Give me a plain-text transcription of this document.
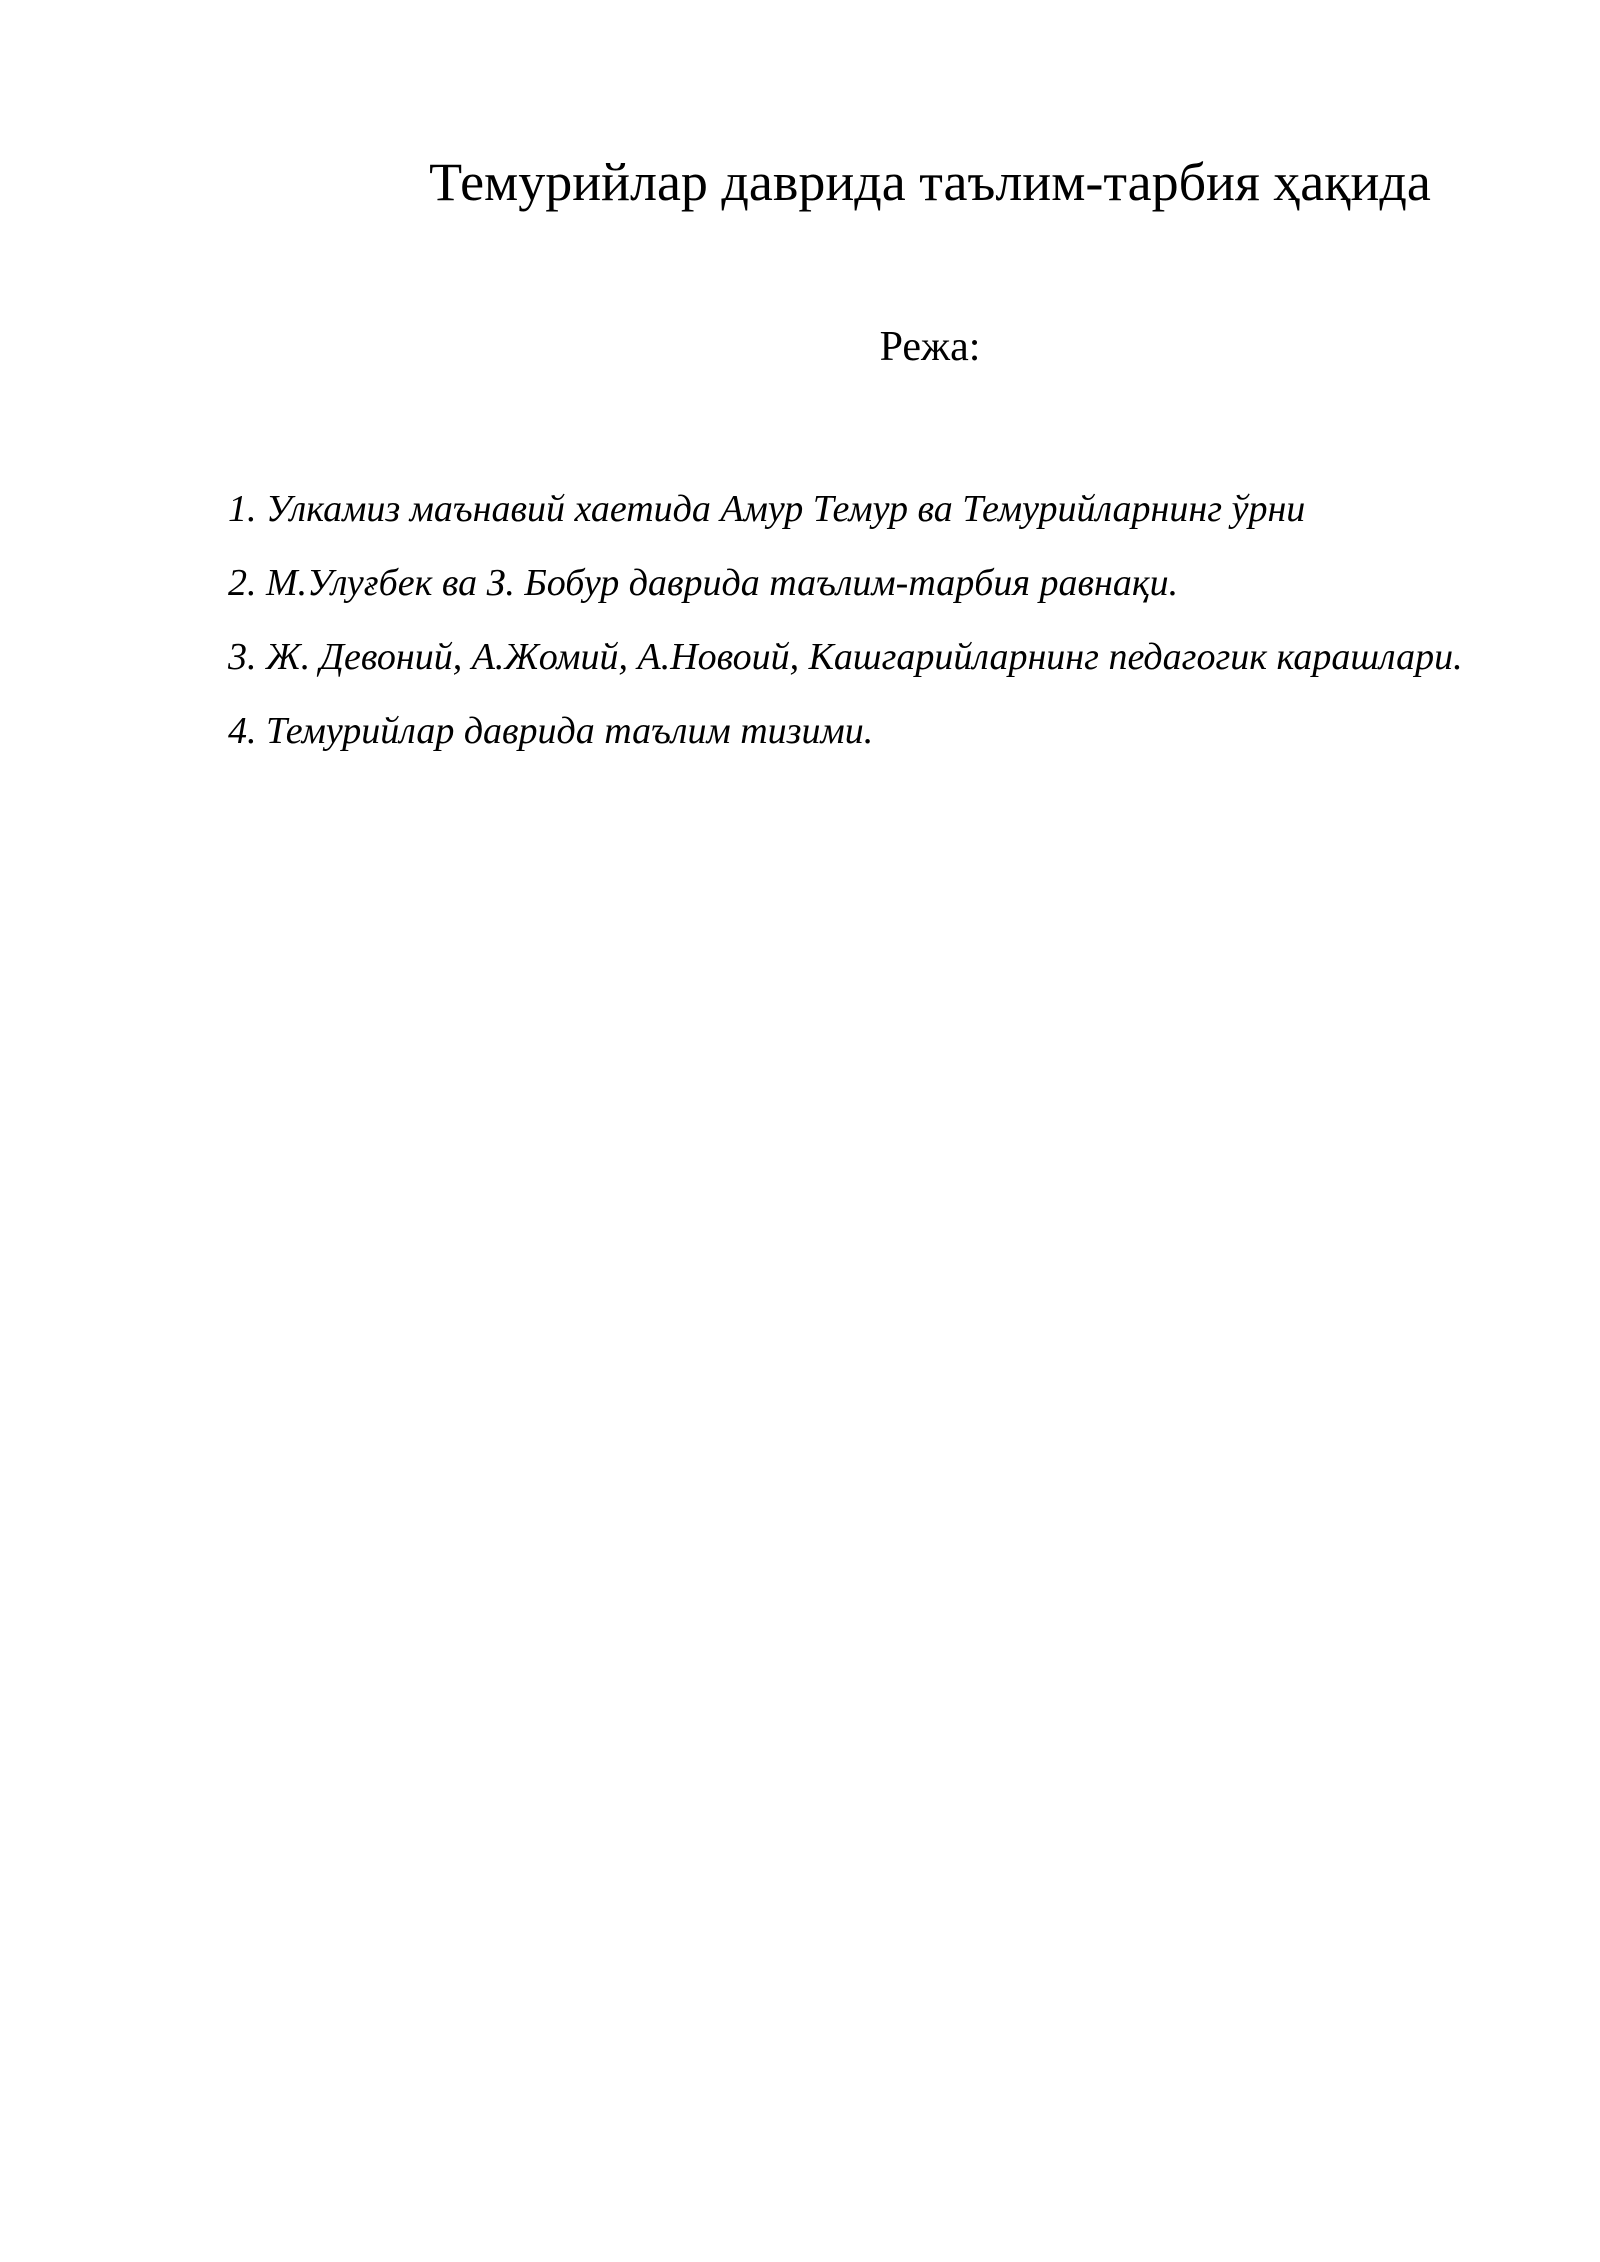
Темурийлар даврида таълим-тарбия ҳақида
Режа:
1. Улкамиз маънавий хаетида Амур Темур ва Темурийларнинг ўрни
2. М.Улуғбек ва З. Бобур даврида таълим-тарбия равнақи.
3. Ж. Девоний, А.Жомий, А.Новоий, Кашгарийларнинг педагогик карашлари.
4. Темурийлар даврида таълим тизими.
